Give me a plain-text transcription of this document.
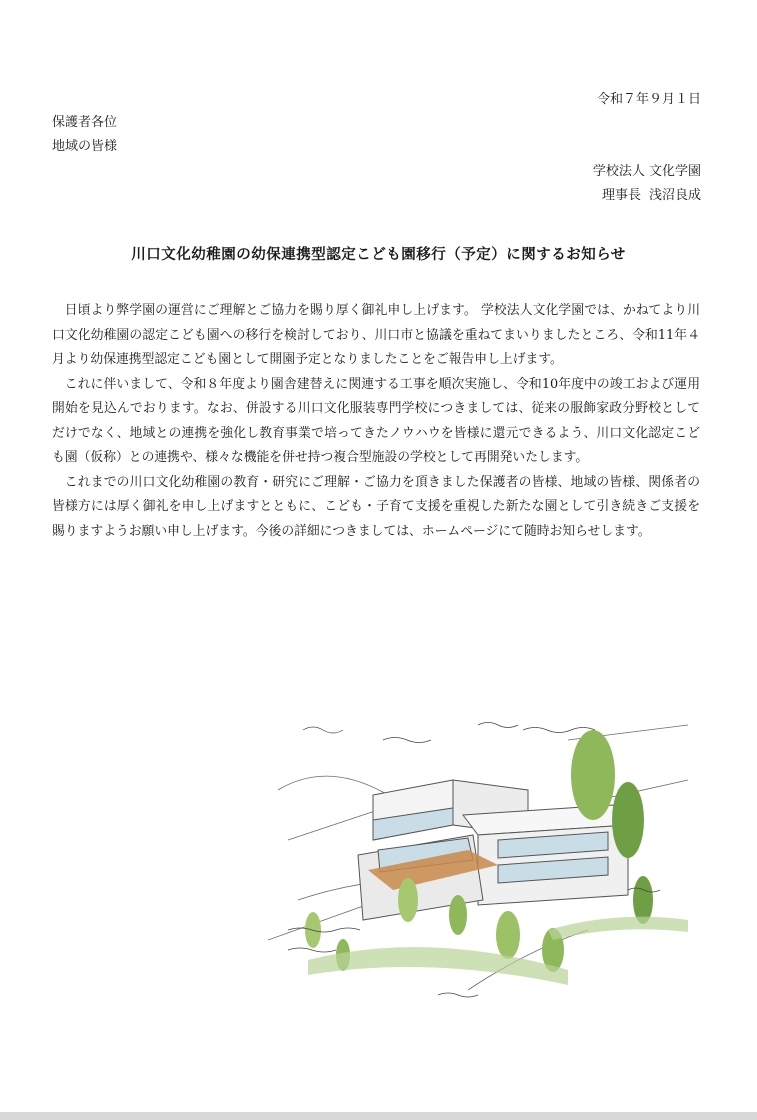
令和７年９月１日
保護者各位
地域の皆様
学校法人 文化学園
理事長 浅沼良成
川口文化幼稚園の幼保連携型認定こども園移行（予定）に関するお知らせ

日頃より弊学園の運営にご理解とご協力を賜り厚く御礼申し上げます。 学校法人文化学園では、かねてより川口文化幼稚園の認定こども園への移行を検討しており、川口市と協議を重ねてまいりましたところ、令和11年４月より幼保連携型認定こども園として開園予定となりましたことをご報告申し上げます。

これに伴いまして、令和８年度より園舎建替えに関連する工事を順次実施し、令和10年度中の竣工および運用開始を見込んでおります。なお、併設する川口文化服装専門学校につきましては、従来の服飾家政分野校としてだけでなく、地域との連携を強化し教育事業で培ってきたノウハウを皆様に還元できるよう、川口文化認定こども園（仮称）との連携や、様々な機能を併せ持つ複合型施設の学校として再開発いたします。

これまでの川口文化幼稚園の教育・研究にご理解・ご協力を頂きました保護者の皆様、地域の皆様、関係者の皆様方には厚く御礼を申し上げますとともに、こども・子育て支援を重視した新たな園として引き続きご支援を賜りますようお願い申し上げます。今後の詳細につきましては、ホームページにて随時お知らせします。
